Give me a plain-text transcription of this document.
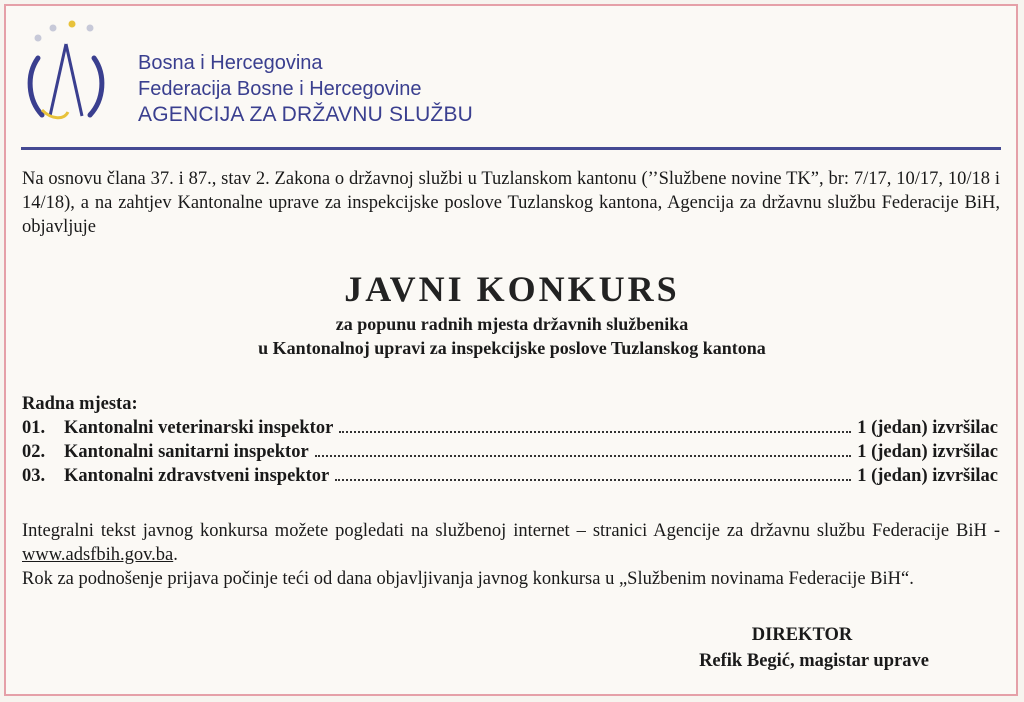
Bosna i Hercegovina
Federacija Bosne i Hercegovine
AGENCIJA ZA DRŽAVNU SLUŽBU
Na osnovu člana 37. i 87., stav 2. Zakona o državnoj službi u Tuzlanskom kantonu (’’Službene novine TK”, br: 7/17, 10/17, 10/18 i 14/18), a na zahtjev Kantonalne uprave za inspekcijske poslove Tuzlanskog kantona, Agencija za državnu službu Federacije BiH, objavljuje
JAVNI KONKURS
za popunu radnih mjesta državnih službenika
u Kantonalnoj upravi za inspekcijske poslove Tuzlanskog kantona
Radna mjesta:
01.	Kantonalni veterinarski inspektor	1 (jedan) izvršilac
02.	Kantonalni sanitarni inspektor	1 (jedan) izvršilac
03.	Kantonalni zdravstveni inspektor	1 (jedan) izvršilac
Integralni tekst javnog konkursa možete pogledati na službenoj internet – stranici Agencije za državnu službu Federacije BiH - www.adsfbih.gov.ba.
Rok za podnošenje prijava počinje teći od dana objavljivanja javnog konkursa u „Službenim novinama Federacije BiH“.
DIREKTOR
Refik Begić, magistar uprave
